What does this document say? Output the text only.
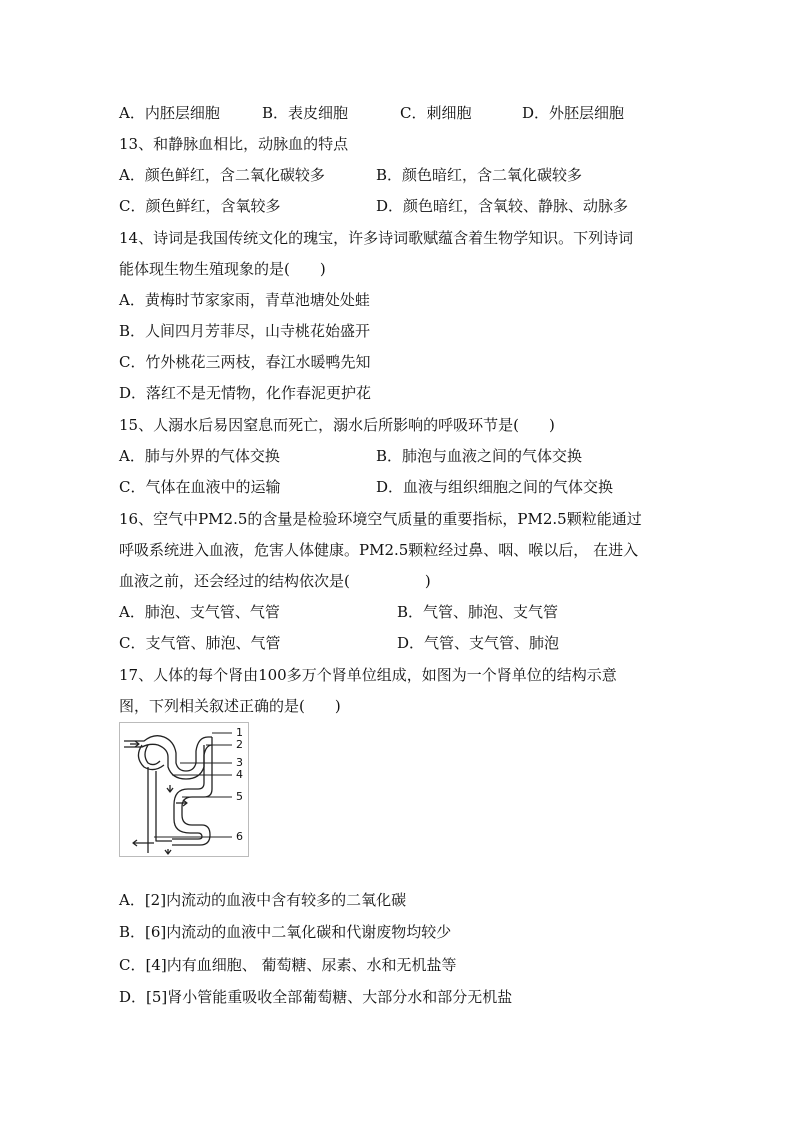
A．内胚层细胞	B．表皮细胞	C．刺细胞	D．外胚层细胞
13、和静脉血相比，动脉血的特点
A．颜色鲜红，含二氧化碳较多	B．颜色暗红，含二氧化碳较多
C．颜色鲜红，含氧较多	D．颜色暗红，含氧较、静脉、动脉多
14、诗词是我国传统文化的瑰宝，许多诗词歌赋蕴含着生物学知识。下列诗词
能体现生物生殖现象的是(　　)
A．黄梅时节家家雨，青草池塘处处蛙
B．人间四月芳菲尽，山寺桃花始盛开
C．竹外桃花三两枝，春江水暖鸭先知
D．落红不是无情物，化作春泥更护花
15、人溺水后易因窒息而死亡，溺水后所影响的呼吸环节是(　　)
A．肺与外界的气体交换	B．肺泡与血液之间的气体交换
C．气体在血液中的运输	D．血液与组织细胞之间的气体交换
16、空气中PM2.5的含量是检验环境空气质量的重要指标，PM2.5颗粒能通过
呼吸系统进入血液，危害人体健康。PM2.5颗粒经过鼻、咽、喉以后， 在进入
血液之前，还会经过的结构依次是(　　　　　)
A．肺泡、支气管、气管	B．气管、肺泡、支气管
C．支气管、肺泡、气管	D．气管、支气管、肺泡
17、人体的每个肾由100多万个肾单位组成，如图为一个肾单位的结构示意
图，下列相关叙述正确的是(　　)
1
2
3
4
5
6
A．[2]内流动的血液中含有较多的二氧化碳
B．[6]内流动的血液中二氧化碳和代谢废物均较少
C．[4]内有血细胞、 葡萄糖、尿素、水和无机盐等
D．[5]肾小管能重吸收全部葡萄糖、大部分水和部分无机盐
